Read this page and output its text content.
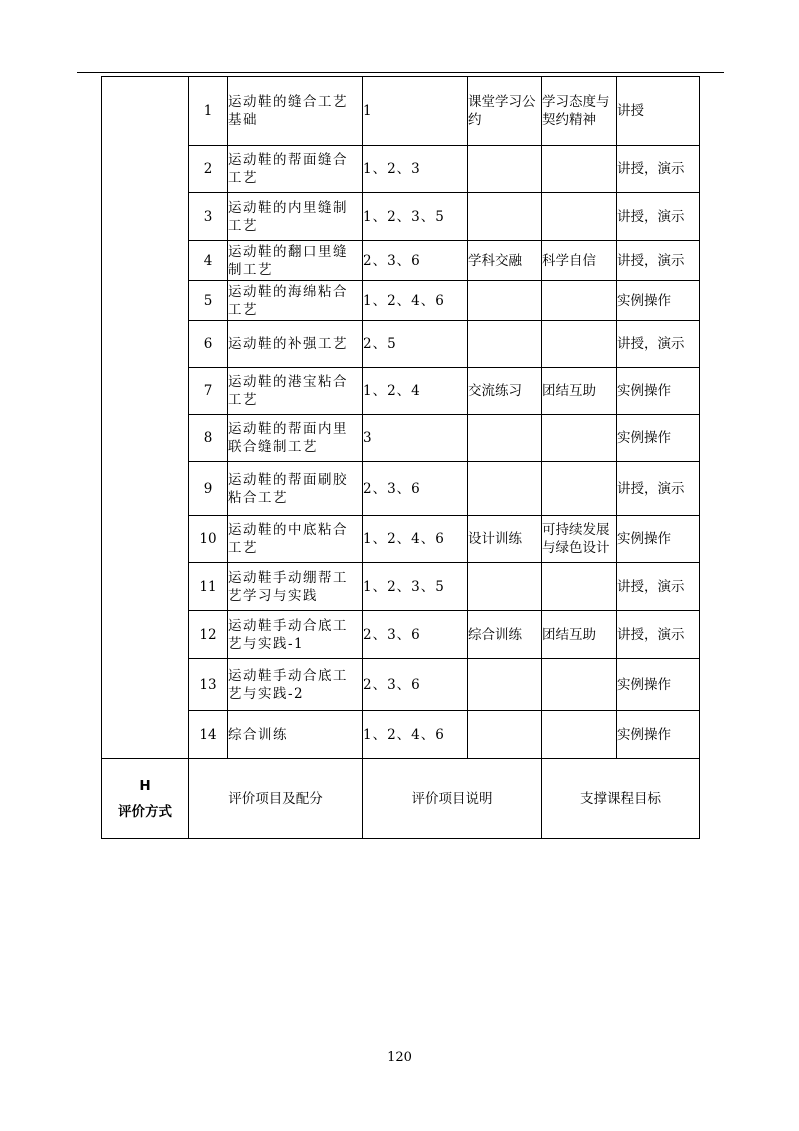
	1	运动鞋的缝合工艺基础	1	课堂学习公约	学习态度与契约精神	讲授
	2	运动鞋的帮面缝合工艺	1、2、3			讲授，演示
	3	运动鞋的内里缝制工艺	1、2、3、5			讲授，演示
	4	运动鞋的翻口里缝制工艺	2、3、6	学科交融	科学自信	讲授，演示
	5	运动鞋的海绵粘合工艺	1、2、4、6			实例操作
	6	运动鞋的补强工艺	2、5			讲授，演示
	7	运动鞋的港宝粘合工艺	1、2、4	交流练习	团结互助	实例操作
	8	运动鞋的帮面内里联合缝制工艺	3			实例操作
	9	运动鞋的帮面刷胶粘合工艺	2、3、6			讲授，演示
	10	运动鞋的中底粘合工艺	1、2、4、6	设计训练	可持续发展与绿色设计	实例操作
	11	运动鞋手动绷帮工艺学习与实践	1、2、3、5			讲授，演示
	12	运动鞋手动合底工艺与实践-1	2、3、6	综合训练	团结互助	讲授，演示
	13	运动鞋手动合底工艺与实践-2	2、3、6			实例操作
	14	综合训练	1、2、4、6			实例操作

H
评价方式	评价项目及配分		评价项目说明		支撑课程目标	
120
